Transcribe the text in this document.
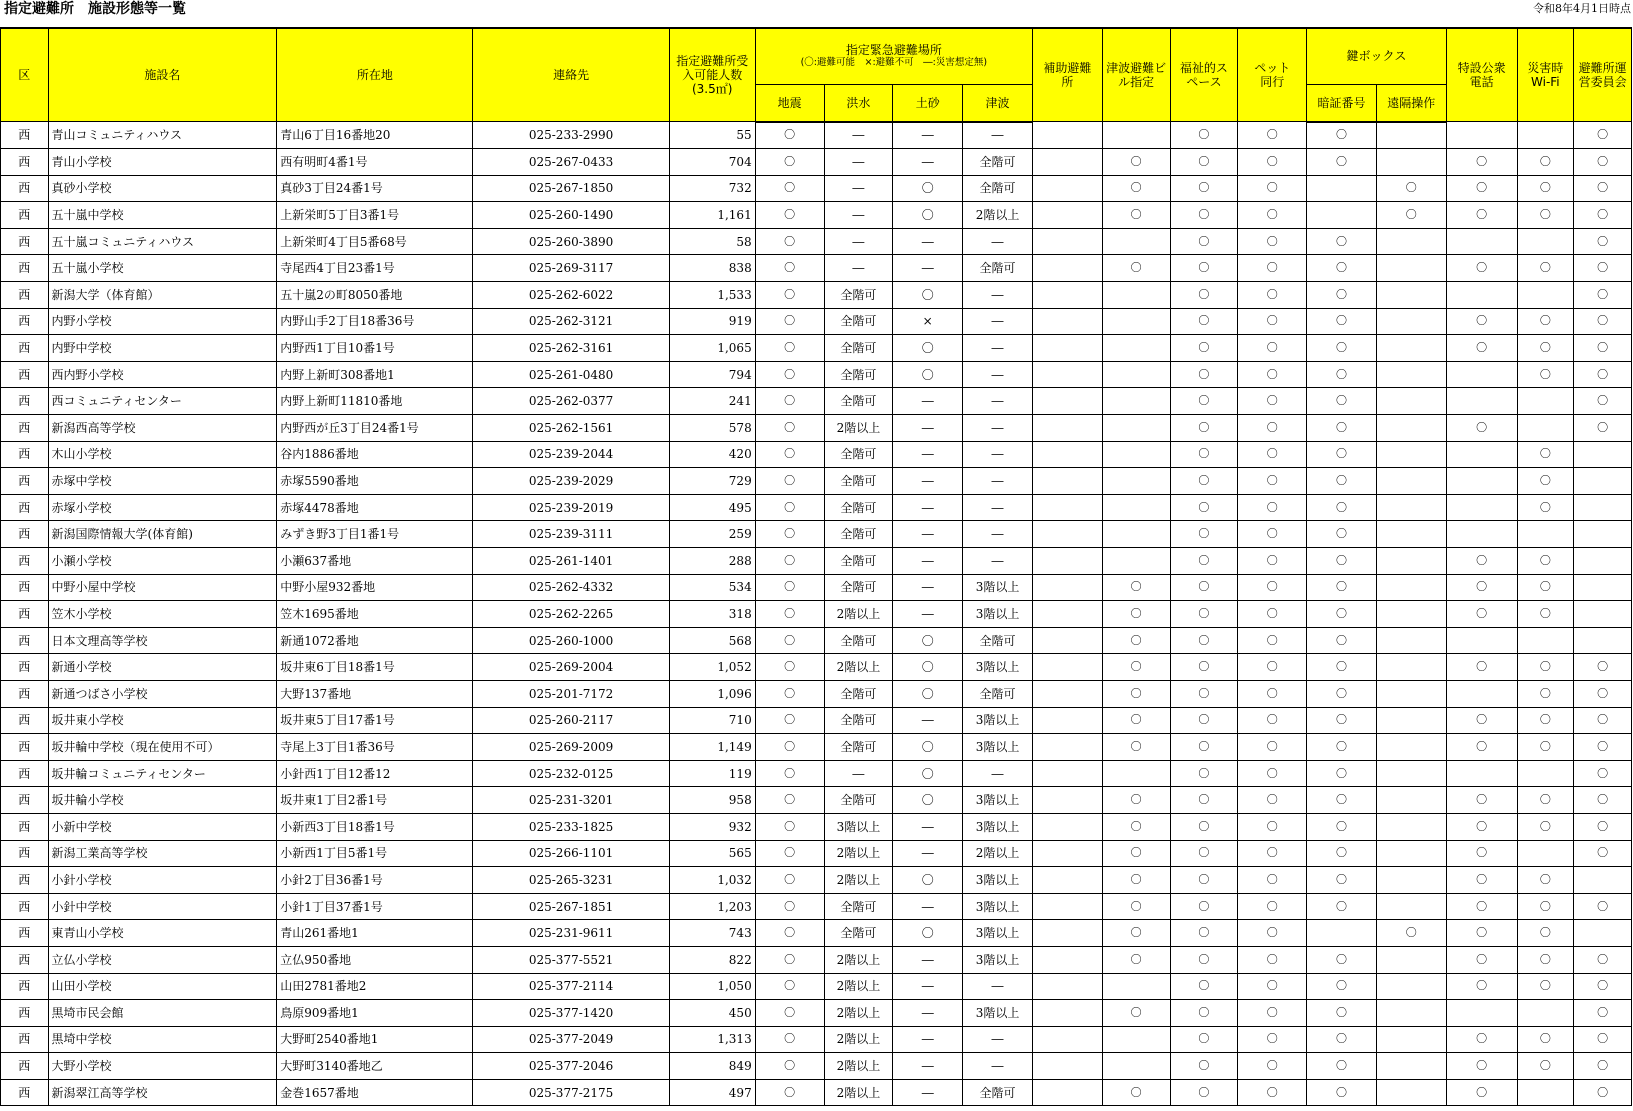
指定避難所　施設形態等一覧	令和8年4月1日時点
区	施設名	所在地	連絡先	指定避難所受入可能人数(3.5㎡)	指定緊急避難場所
(〇:避難可能　×:避難不可　―:災害想定無)				補助避難所	津波避難ビル指定	福祉的スペース	ペット同行	鍵ボックス		特設公衆電話	災害時Wi-Fi	避難所運営委員会
					地震	洪水	土砂	津波					暗証番号	遠隔操作			
西	青山コミュニティハウス	青山6丁目16番地20	025-233-2990	55	〇	―	―	―			〇	〇	〇				〇
西	青山小学校	西有明町4番1号	025-267-0433	704	〇	―	―	全階可		〇	〇	〇	〇		〇	〇	〇
西	真砂小学校	真砂3丁目24番1号	025-267-1850	732	〇	―	〇	全階可		〇	〇	〇		〇	〇	〇	〇
西	五十嵐中学校	上新栄町5丁目3番1号	025-260-1490	1,161	〇	―	〇	2階以上		〇	〇	〇		〇	〇	〇	〇
西	五十嵐コミュニティハウス	上新栄町4丁目5番68号	025-260-3890	58	〇	―	―	―			〇	〇	〇				〇
西	五十嵐小学校	寺尾西4丁目23番1号	025-269-3117	838	〇	―	―	全階可		〇	〇	〇	〇		〇	〇	〇
西	新潟大学（体育館）	五十嵐2の町8050番地	025-262-6022	1,533	〇	全階可	〇	―			〇	〇	〇				〇
西	内野小学校	内野山手2丁目18番36号	025-262-3121	919	〇	全階可	×	―			〇	〇	〇		〇	〇	〇
西	内野中学校	内野西1丁目10番1号	025-262-3161	1,065	〇	全階可	〇	―			〇	〇	〇		〇	〇	〇
西	西内野小学校	内野上新町308番地1	025-261-0480	794	〇	全階可	〇	―			〇	〇	〇			〇	〇
西	西コミュニティセンター	内野上新町11810番地	025-262-0377	241	〇	全階可	―	―			〇	〇	〇				〇
西	新潟西高等学校	内野西が丘3丁目24番1号	025-262-1561	578	〇	2階以上	―	―			〇	〇	〇		〇		〇
西	木山小学校	谷内1886番地	025-239-2044	420	〇	全階可	―	―			〇	〇	〇			〇	
西	赤塚中学校	赤塚5590番地	025-239-2029	729	〇	全階可	―	―			〇	〇	〇			〇	
西	赤塚小学校	赤塚4478番地	025-239-2019	495	〇	全階可	―	―			〇	〇	〇			〇	
西	新潟国際情報大学(体育館)	みずき野3丁目1番1号	025-239-3111	259	〇	全階可	―	―			〇	〇	〇				
西	小瀬小学校	小瀬637番地	025-261-1401	288	〇	全階可	―	―			〇	〇	〇		〇	〇	
西	中野小屋中学校	中野小屋932番地	025-262-4332	534	〇	全階可	―	3階以上		〇	〇	〇	〇		〇	〇	
西	笠木小学校	笠木1695番地	025-262-2265	318	〇	2階以上	―	3階以上		〇	〇	〇	〇		〇	〇	
西	日本文理高等学校	新通1072番地	025-260-1000	568	〇	全階可	〇	全階可		〇	〇	〇	〇				
西	新通小学校	坂井東6丁目18番1号	025-269-2004	1,052	〇	2階以上	〇	3階以上		〇	〇	〇	〇		〇	〇	〇
西	新通つばさ小学校	大野137番地	025-201-7172	1,096	〇	全階可	〇	全階可		〇	〇	〇	〇			〇	〇
西	坂井東小学校	坂井東5丁目17番1号	025-260-2117	710	〇	全階可	―	3階以上		〇	〇	〇	〇		〇	〇	〇
西	坂井輪中学校（現在使用不可）	寺尾上3丁目1番36号	025-269-2009	1,149	〇	全階可	〇	3階以上		〇	〇	〇	〇		〇	〇	〇
西	坂井輪コミュニティセンター	小針西1丁目12番12	025-232-0125	119	〇	―	〇	―			〇	〇	〇				〇
西	坂井輪小学校	坂井東1丁目2番1号	025-231-3201	958	〇	全階可	〇	3階以上		〇	〇	〇	〇		〇	〇	〇
西	小新中学校	小新西3丁目18番1号	025-233-1825	932	〇	3階以上	―	3階以上		〇	〇	〇	〇		〇	〇	〇
西	新潟工業高等学校	小新西1丁目5番1号	025-266-1101	565	〇	2階以上	―	2階以上		〇	〇	〇	〇		〇		〇
西	小針小学校	小針2丁目36番1号	025-265-3231	1,032	〇	2階以上	〇	3階以上		〇	〇	〇	〇		〇	〇	
西	小針中学校	小針1丁目37番1号	025-267-1851	1,203	〇	全階可	―	3階以上		〇	〇	〇	〇		〇	〇	〇
西	東青山小学校	青山261番地1	025-231-9611	743	〇	全階可	〇	3階以上		〇	〇	〇		〇	〇	〇	
西	立仏小学校	立仏950番地	025-377-5521	822	〇	2階以上	―	3階以上		〇	〇	〇	〇		〇	〇	〇
西	山田小学校	山田2781番地2	025-377-2114	1,050	〇	2階以上	―	―			〇	〇	〇		〇	〇	〇
西	黒埼市民会館	鳥原909番地1	025-377-1420	450	〇	2階以上	―	3階以上		〇	〇	〇	〇				〇
西	黒埼中学校	大野町2540番地1	025-377-2049	1,313	〇	2階以上	―	―			〇	〇	〇		〇	〇	〇
西	大野小学校	大野町3140番地乙	025-377-2046	849	〇	2階以上	―	―			〇	〇	〇		〇	〇	〇
西	新潟翠江高等学校	金巻1657番地	025-377-2175	497	〇	2階以上	―	全階可		〇	〇	〇	〇		〇		〇
